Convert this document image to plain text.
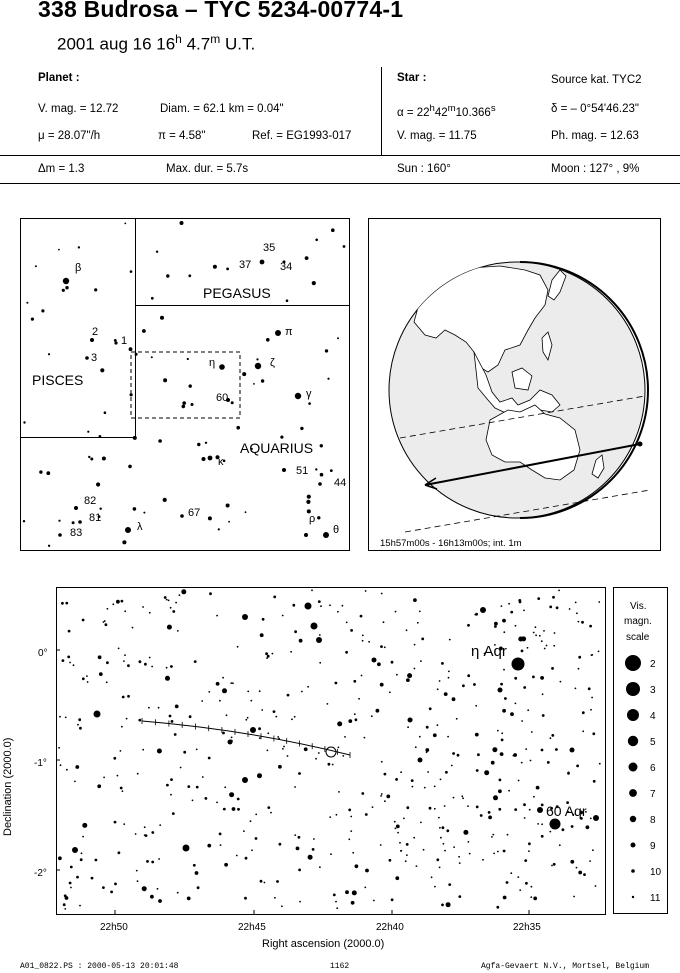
338 Budrosa – TYC 5234-00774-1
2001 aug 16 16$^h$ 4.7$^m$ U.T.
Planet :
V. mag. = 12.72	Diam. = 62.1 km = 0.04"
μ = 28.07"/h	π = 4.58"	Ref. = EG1993-017
Star :	Source kat. TYC2
$\alpha = 22^h42^m10.366^s$	δ = – 0°54'46.23"
V. mag. = 11.75	Ph. mag. = 12.63
Δm = 1.3	Max. dur. = 5.7s	Sun : 160°	Moon : 127° , 9%
PISCES
PEGASUS
AQUARIUS
β
2
1
3
35
37	34
π
ζ
η
γ
60
κ
51
44
82
81
83	λ
67	ρ
θ
15h57m00s - 16h13m00s; int. 1m
0°
-1°
-2°
22h50	22h45	22h40	22h35
Right ascension (2000.0)
Declination (2000.0)
η Aqr
60 Aqr
Vis.
magn.
scale
2
3
4
5
6
7
8
9
10
11
A01_0822.PS : 2000-05-13 20:01:48	1162	Agfa-Gevaert N.V., Mortsel, Belgium
